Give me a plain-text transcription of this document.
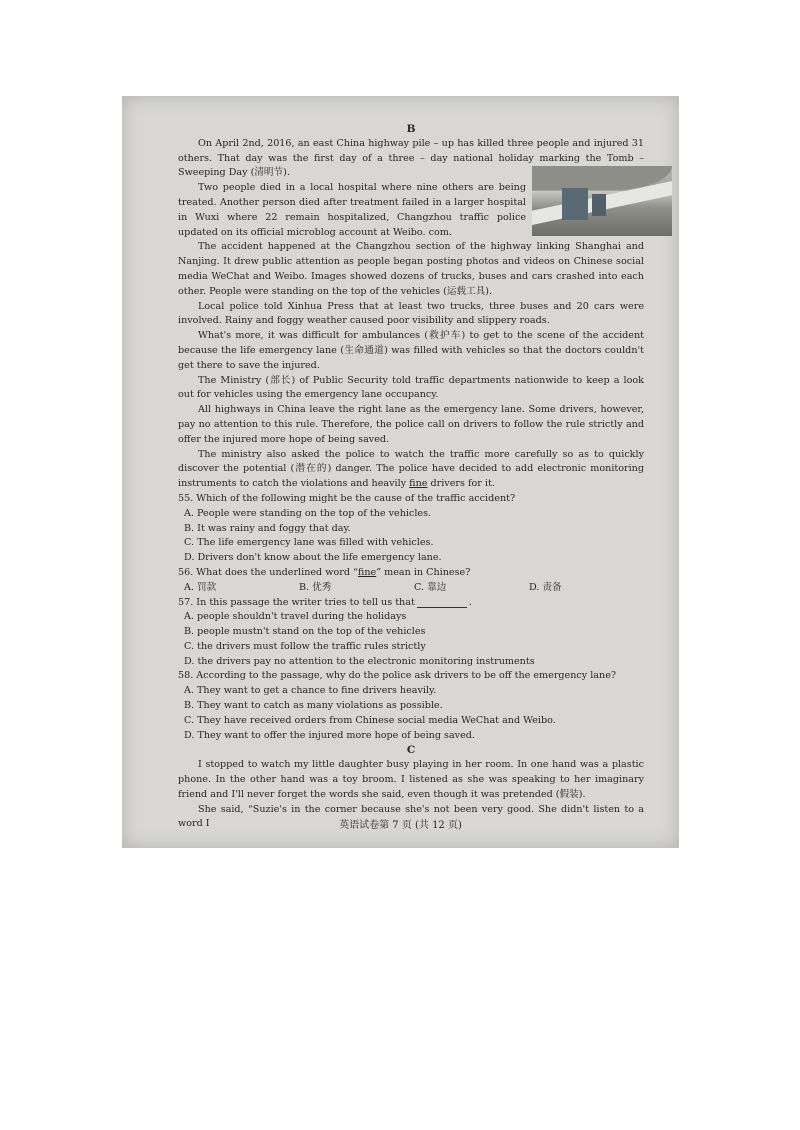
B

On April 2nd, 2016, an east China highway pile – up has killed three people and injured 31 others. That day was the first day of a three – day national holiday marking the Tomb – Sweeping Day (清明节).

Two people died in a local hospital where nine others are being treated. Another person died after treatment failed in a larger hospital in Wuxi where 22 remain hospitalized, Changzhou traffic police updated on its official microblog account at Weibo. com.

The accident happened at the Changzhou section of the highway linking Shanghai and Nanjing. It drew public attention as people began posting photos and videos on Chinese social media WeChat and Weibo. Images showed dozens of trucks, buses and cars crashed into each other. People were standing on the top of the vehicles (运载工具).

Local police told Xinhua Press that at least two trucks, three buses and 20 cars were involved. Rainy and foggy weather caused poor visibility and slippery roads.

What's more, it was difficult for ambulances (救护车) to get to the scene of the accident because the life emergency lane (生命通道) was filled with vehicles so that the doctors couldn't get there to save the injured.

The Ministry (部长) of Public Security told traffic departments nationwide to keep a look out for vehicles using the emergency lane occupancy.

All highways in China leave the right lane as the emergency lane. Some drivers, however, pay no attention to this rule. Therefore, the police call on drivers to follow the rule strictly and offer the injured more hope of being saved.

The ministry also asked the police to watch the traffic more carefully so as to quickly discover the potential (潜在的) danger. The police have decided to add electronic monitoring instruments to catch the violations and heavily fine drivers for it.

55. Which of the following might be the cause of the traffic accident?

A. People were standing on the top of the vehicles.

B. It was rainy and foggy that day.

C. The life emergency lane was filled with vehicles.

D. Drivers don't know about the life emergency lane.

56. What does the underlined word “fine” mean in Chinese?

A. 罚款	B. 优秀	C. 靠边	D. 责备

57. In this passage the writer tries to tell us that	.

A. people shouldn't travel during the holidays

B. people mustn't stand on the top of the vehicles

C. the drivers must follow the traffic rules strictly

D. the drivers pay no attention to the electronic monitoring instruments

58. According to the passage, why do the police ask drivers to be off the emergency lane?

A. They want to get a chance to fine drivers heavily.

B. They want to catch as many violations as possible.

C. They have received orders from Chinese social media WeChat and Weibo.

D. They want to offer the injured more hope of being saved.

C

I stopped to watch my little daughter busy playing in her room. In one hand was a plastic phone. In the other hand was a toy broom. I listened as she was speaking to her imaginary friend and I'll never forget the words she said, even though it was pretended (假装).

She said, “Suzie's in the corner because she's not been very good. She didn't listen to a word I	英语试卷第 7 页 (共 12 页)
